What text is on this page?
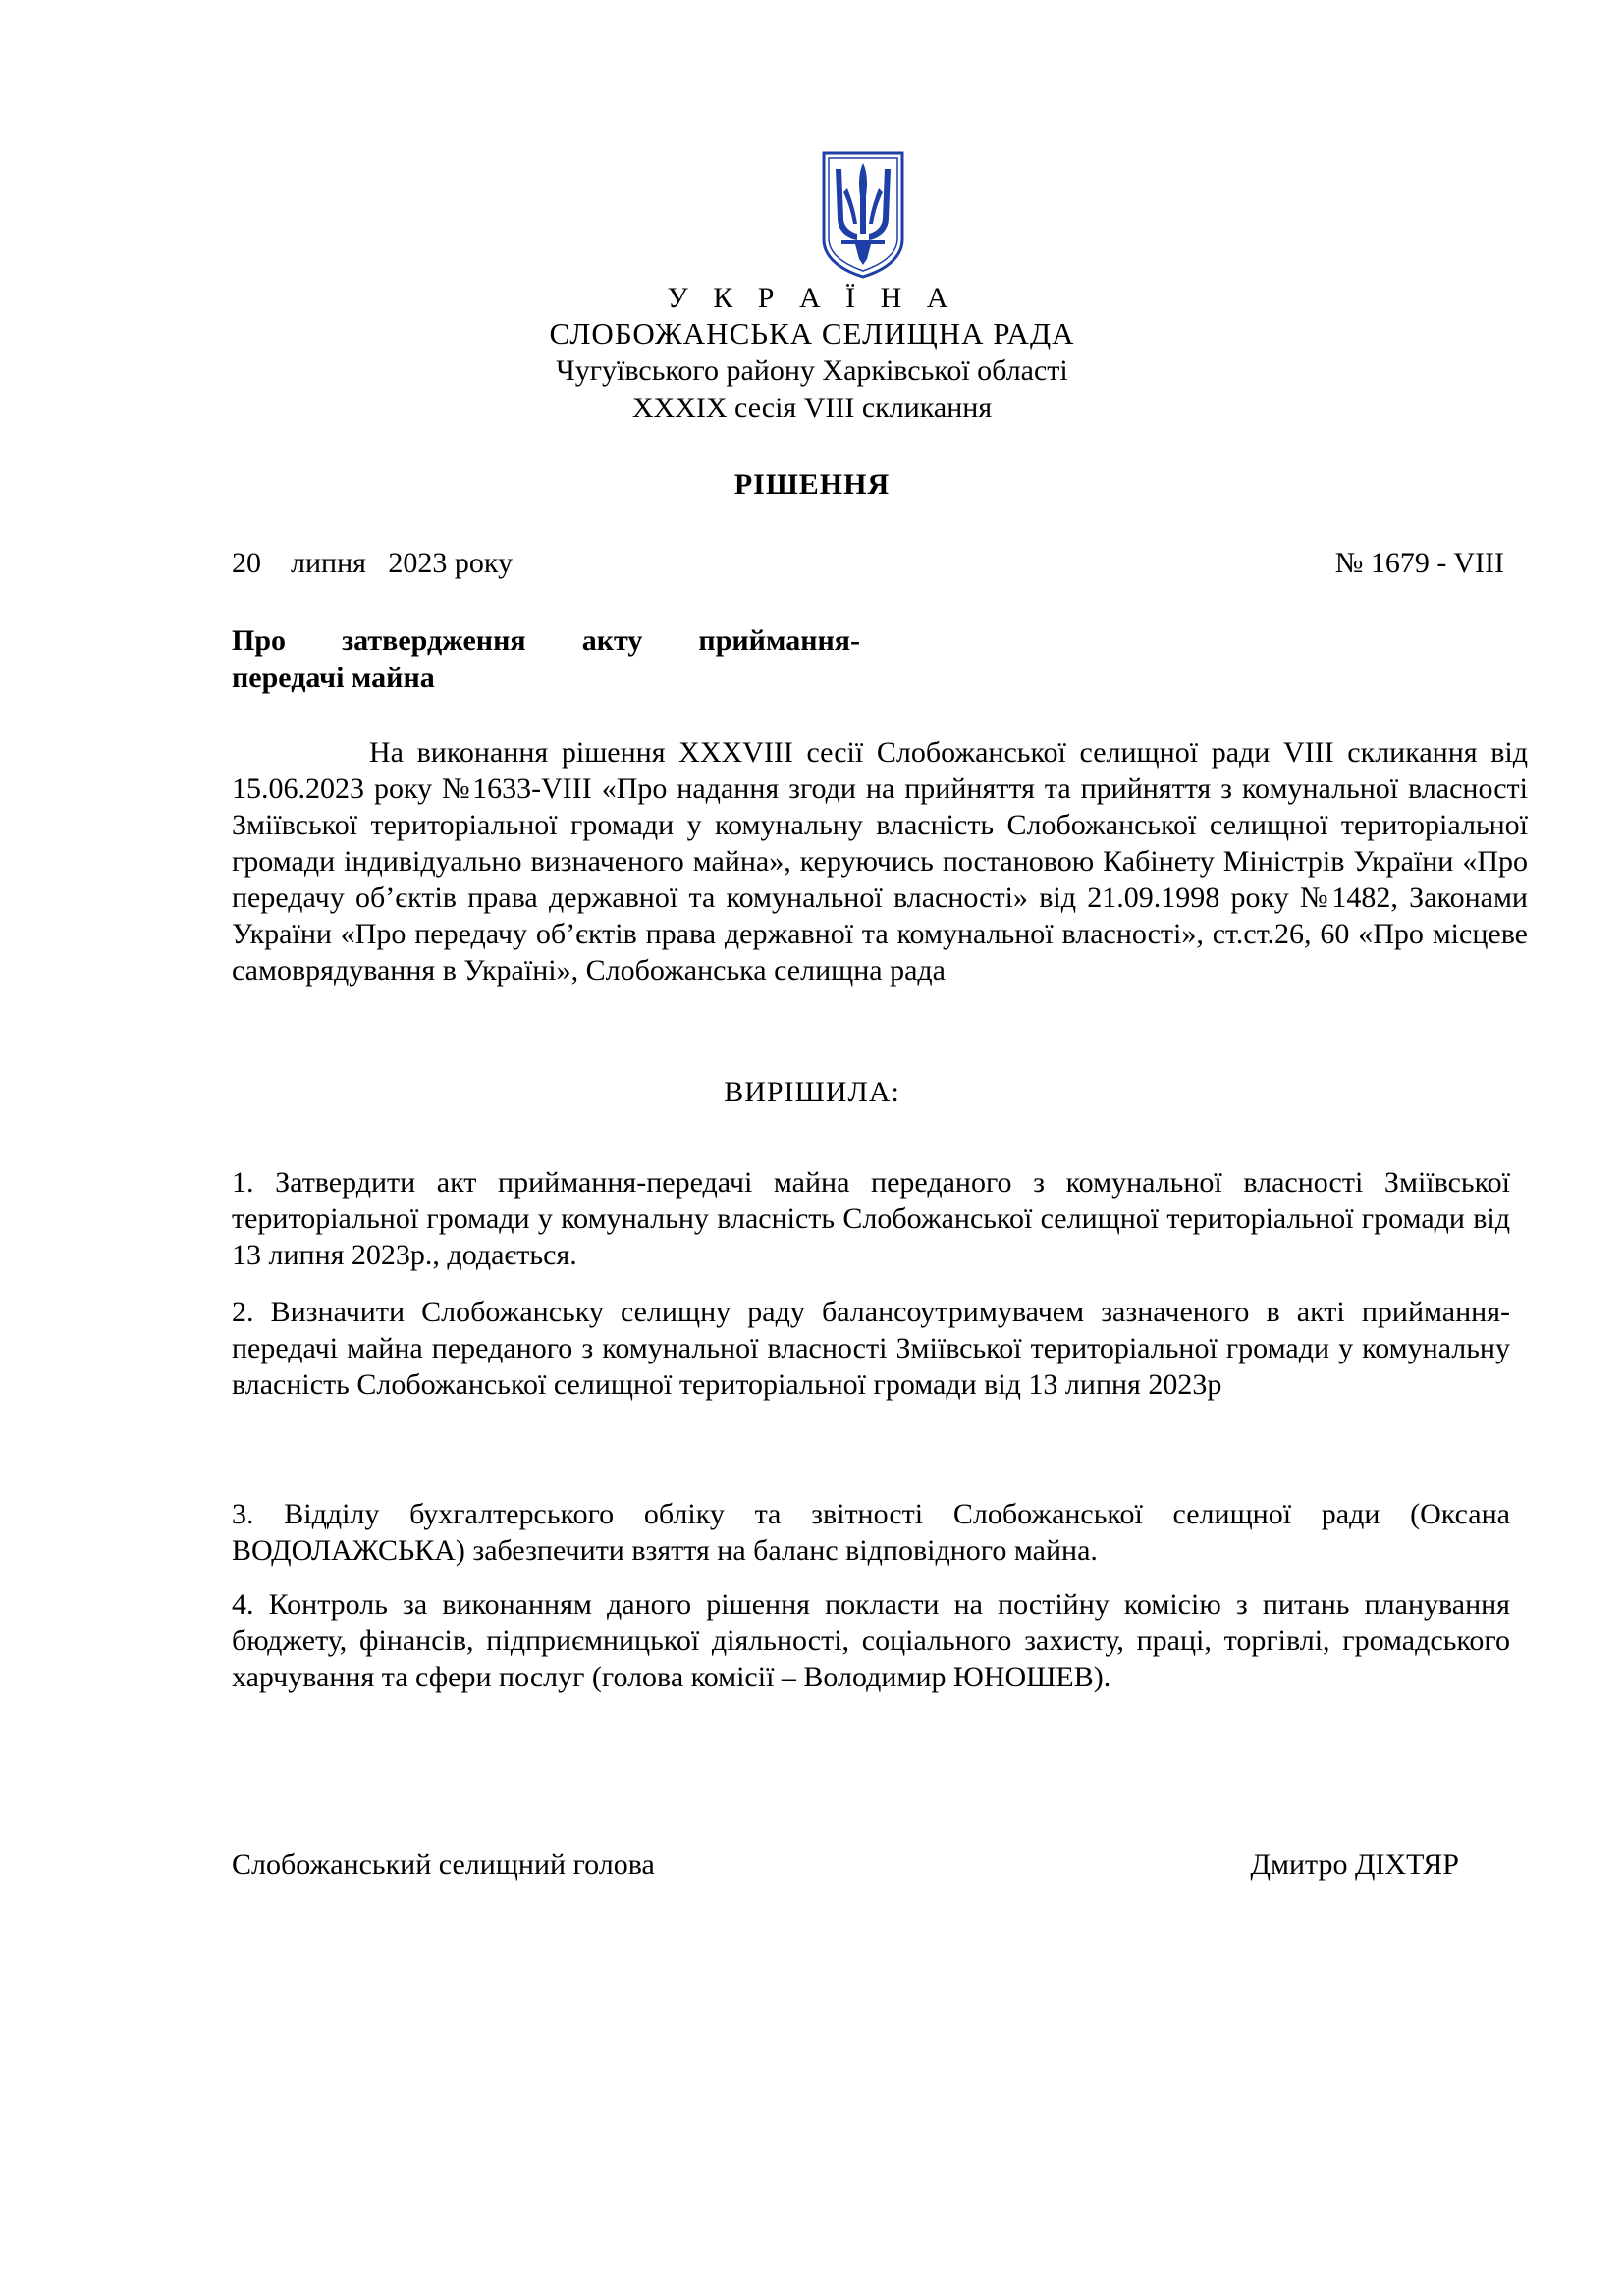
У К Р А Ї Н А
СЛОБОЖАНСЬКА СЕЛИЩНА РАДА
Чугуївського району Харківської області
XXXIX сесія VIII скликання
РІШЕННЯ
20    липня   2023 року	№ 1679 - VIII
Про затвердження акту приймання-
передачі майна
На виконання рішення XXXVIII сесії Слобожанської селищної ради VIII скликання від 15.06.2023 року №1633-VIII «Про надання згоди на прийняття та прийняття з комунальної власності Зміївської територіальної громади у комунальну власність Слобожанської селищної територіальної громади індивідуально визначеного майна», керуючись постановою Кабінету Міністрів України «Про передачу об’єктів права державної та комунальної власності» від 21.09.1998 року №1482, Законами України «Про передачу об’єктів права державної та комунальної власності», ст.ст.26, 60 «Про місцеве самоврядування в Україні», Слобожанська селищна рада
ВИРІШИЛА:
1. Затвердити акт приймання-передачі майна переданого з комунальної власності Зміївської територіальної громади у комунальну власність Слобожанської селищної територіальної громади від 13 липня 2023р., додається.
2. Визначити Слобожанську селищну раду балансоутримувачем зазначеного в акті приймання-передачі майна переданого з комунальної власності Зміївської територіальної громади у комунальну власність Слобожанської селищної територіальної громади від 13 липня 2023р
3. Відділу бухгалтерського обліку та звітності Слобожанської селищної ради (Оксана ВОДОЛАЖСЬКА) забезпечити взяття на баланс відповідного майна.
4. Контроль за виконанням даного рішення покласти на постійну комісію з питань планування бюджету, фінансів, підприємницької діяльності, соціального захисту, праці, торгівлі, громадського харчування та сфери послуг (голова комісії – Володимир ЮНОШЕВ).
Слобожанський селищний голова	Дмитро ДІХТЯР
